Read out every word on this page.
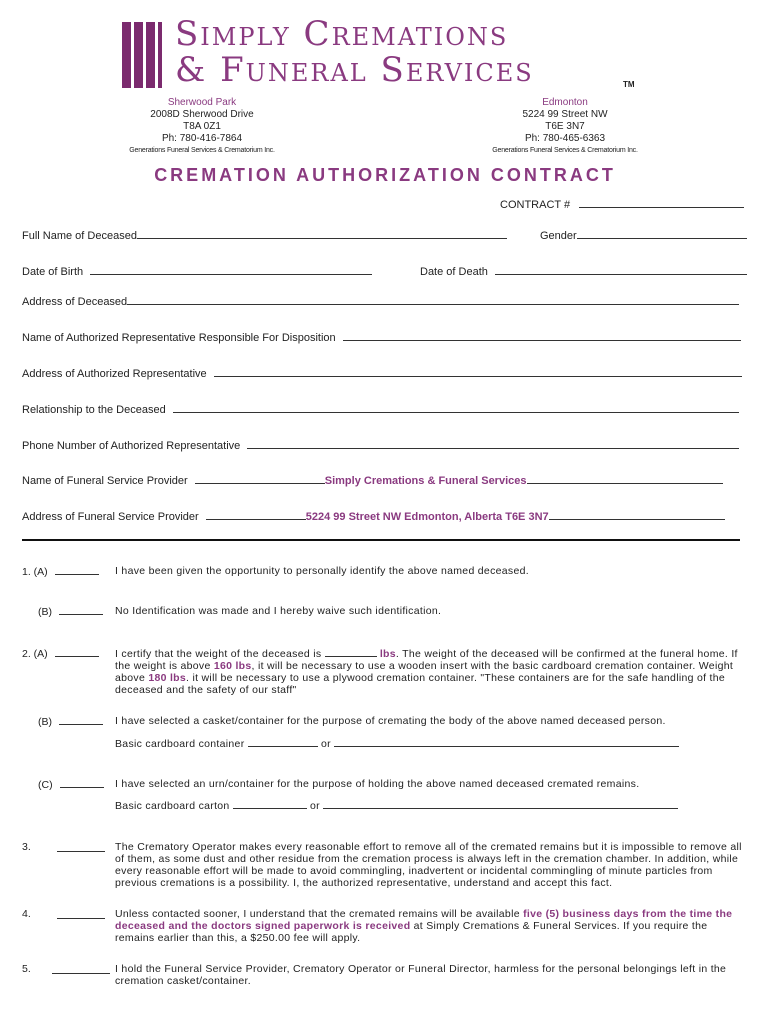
Simply Cremations
& Funeral Services	TM
Sherwood Park
2008D Sherwood Drive
T8A 0Z1
Ph: 780-416-7864
Generations Funeral Services & Crematorium Inc.
Edmonton
5224 99 Street NW
T6E 3N7
Ph: 780-465-6363
Generations Funeral Services & Crematorium Inc.
CREMATION AUTHORIZATION CONTRACT
CONTRACT #
Full Name of Deceased	Gender
Date of Birth	Date of Death
Address of Deceased
Name of Authorized Representative Responsible For Disposition
Address of Authorized Representative
Relationship to the Deceased
Phone Number of Authorized Representative
Name of Funeral Service Provider	Simply Cremations & Funeral Services
Address of Funeral Service Provider	5224 99 Street NW Edmonton, Alberta T6E 3N7
1. (A)	I have been given the opportunity to personally identify the above named deceased.
(B)	No Identification was made and I hereby waive such identification.
2. (A)	I certify that the weight of the deceased is	lbs. The weight of the deceased will be confirmed at the funeral home. If the weight is above 160 lbs, it will be necessary to use a wooden insert with the basic cardboard cremation container. Weight above 180 lbs. it will be necessary to use a plywood cremation container. "These containers are for the safe handling of the deceased and the safety of our staff"
(B)	I have selected a casket/container for the purpose of cremating the body of the above named deceased person.
Basic cardboard container	or
(C)	I have selected an urn/container for the purpose of holding the above named deceased cremated remains.
Basic cardboard carton	or
3.	The Crematory Operator makes every reasonable effort to remove all of the cremated remains but it is impossible to remove all of them, as some dust and other residue from the cremation process is always left in the cremation chamber. In addition, while every reasonable effort will be made to avoid commingling, inadvertent or incidental commingling of minute particles from previous cremations is a possibility. I, the authorized representative, understand and accept this fact.
4.	Unless contacted sooner, I understand that the cremated remains will be available five (5) business days from the time the deceased and the doctors signed paperwork is received at Simply Cremations & Funeral Services. If you require the remains earlier than this, a $250.00 fee will apply.
5.	I hold the Funeral Service Provider, Crematory Operator or Funeral Director, harmless for the personal belongings left in the cremation casket/container.
